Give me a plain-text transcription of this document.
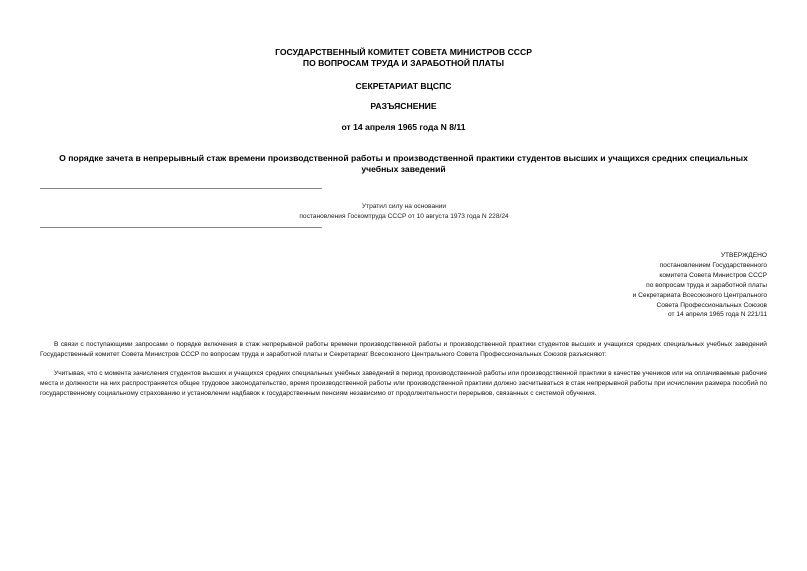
ГОСУДАРСТВЕННЫЙ КОМИТЕТ СОВЕТА МИНИСТРОВ СССР
ПО ВОПРОСАМ ТРУДА И ЗАРАБОТНОЙ ПЛАТЫ
СЕКРЕТАРИАТ ВЦСПС
РАЗЪЯСНЕНИЕ
от 14 апреля 1965 года N 8/11
О порядке зачета в непрерывный стаж времени производственной работы и производственной практики студентов высших и учащихся средних специальных учебных заведений
Утратил силу на основании
постановления Госкомтруда СССР от 10 августа 1973 года N 228/24
УТВЕРЖДЕНО
постановлением Государственного
комитета Совета Министров СССР
по вопросам труда и заработной платы
и Секретариата Всесоюзного Центрального
Совета Профессиональных Союзов
от 14 апреля 1965 года N 221/11

В связи с поступающими запросами о порядке включения в стаж непрерывной работы времени производственной работы и производственной практики студентов высших и учащихся средних специальных учебных заведений Государственный комитет Совета Министров СССР по вопросам труда и заработной платы и Секретариат Всесоюзного Центрального Совета Профессиональных Союзов разъясняют:

Учитывая, что с момента зачисления студентов высших и учащихся средних специальных учебных заведений в период производственной работы или производственной практики в качестве учеников или на оплачиваемые рабочие места и должности на них распространяется общее трудовое законодательство, время производственной работы или производственной практики должно засчитываться в стаж непрерывной работы при исчислении размера пособий по государственному социальному страхованию и установлении надбавок к государственным пенсиям независимо от продолжительности перерывов, связанных с системой обучения.
